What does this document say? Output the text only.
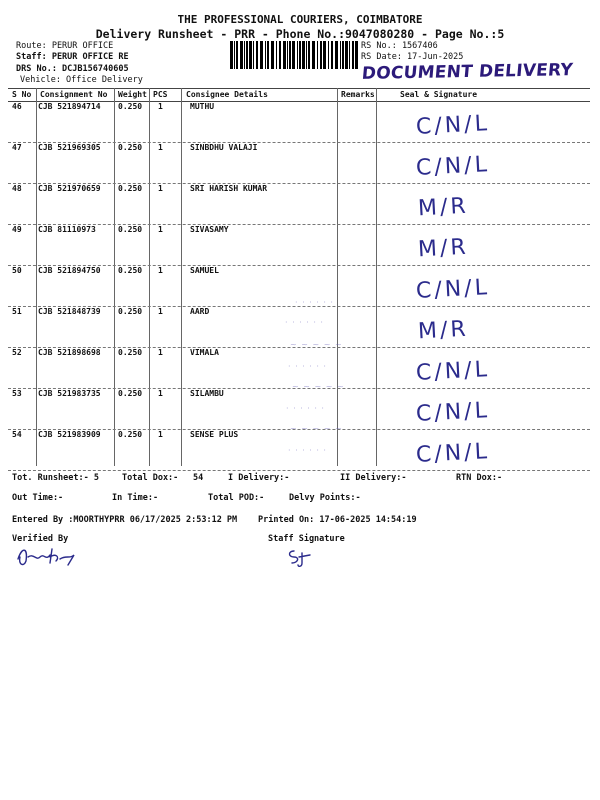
THE PROFESSIONAL COURIERS, COIMBATORE
Delivery Runsheet - PRR - Phone No.:9047080280 - Page No.:5
Route: PERUR OFFICE
Staff: PERUR OFFICE RE
DRS No.: DCJB156740605
Vehicle: Office Delivery
RS No.: 1567406
RS Date: 17-Jun-2025
DOCUMENT DELIVERY
S No Consignment No Weight PCS Consignee Details	Remarks	Seal & Signature
46 CJB 521894714 0.250 1	MUTHU
C/N/L
47 CJB 521969305 0.250 1	SINBDHU VALAJI
C/N/L
48 CJB 521970659 0.250 1	SRI HARISH KUMAR
M/R
49 CJB 81110973	0.250 1	SIVASAMY
M/R
50 CJB 521894750 0.250 1	SAMUEL
C/N/L
51 CJB 521848739 0.250 1	AARD
M/R
52 CJB 521898698 0.250 1	VIMALA
C/N/L
53 CJB 521983735 0.250 1	SILAMBU
C/N/L
54 CJB 521983909 0.250 1	SENSE PLUS
C/N/L
· · · · · ·
· · · · · ·
~ ~ ~ ~ ~
· · · · · ·
~ ~ ~ ~ ~
· · · · · ·
~ ~ ~ ~ ~
· · · · · ·
Tot. Runsheet:- 5	Total Dox:- 54	I Delivery:-	II Delivery:-	RTN Dox:-
Out Time:-	In Time:-	Total POD:-	Delvy Points:-
Entered By :MOORTHYPRR 06/17/2025 2:53:12 PM Printed On: 17-06-2025 14:54:19
Verified By	Staff Signature
